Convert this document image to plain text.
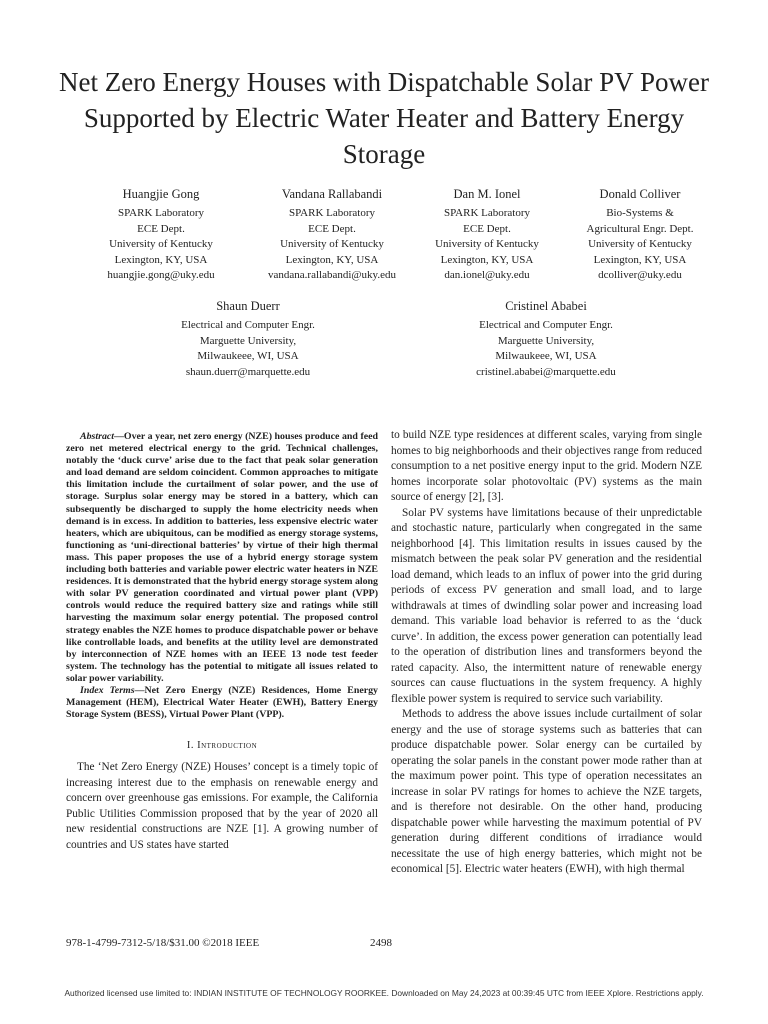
Net Zero Energy Houses with Dispatchable Solar PV Power Supported by Electric Water Heater and Battery Energy Storage
Huangjie Gong
SPARK Laboratory
ECE Dept.
University of Kentucky
Lexington, KY, USA
huangjie.gong@uky.edu
Vandana Rallabandi
SPARK Laboratory
ECE Dept.
University of Kentucky
Lexington, KY, USA
vandana.rallabandi@uky.edu
Dan M. Ionel
SPARK Laboratory
ECE Dept.
University of Kentucky
Lexington, KY, USA
dan.ionel@uky.edu
Donald Colliver
Bio-Systems &
Agricultural Engr. Dept.
University of Kentucky
Lexington, KY, USA
dcolliver@uky.edu
Shaun Duerr
Electrical and Computer Engr.
Marguette University,
Milwaukeee, WI, USA
shaun.duerr@marquette.edu
Cristinel Ababei
Electrical and Computer Engr.
Marguette University,
Milwaukeee, WI, USA
cristinel.ababei@marquette.edu

Abstract—Over a year, net zero energy (NZE) houses produce and feed zero net metered electrical energy to the grid. Technical challenges, notably the ‘duck curve’ arise due to the fact that peak solar generation and load demand are seldom coincident. Common approaches to mitigate this limitation include the curtailment of solar power, and the use of storage. Surplus solar energy may be stored in a battery, which can subsequently be discharged to supply the home electricity needs when demand is in excess. In addition to batteries, less expensive electric water heaters, which are ubiquitous, can be modified as energy storage systems, functioning as ‘uni-directional batteries’ by virtue of their high thermal mass. This paper proposes the use of a hybrid energy storage system including both batteries and variable power electric water heaters in NZE residences. It is demonstrated that the hybrid energy storage system along with solar PV generation coordinated and virtual power plant (VPP) controls would reduce the required battery size and ratings while still harvesting the maximum solar energy potential. The proposed control strategy enables the NZE homes to produce dispatchable power or behave like controllable loads, and benefits at the utility level are demonstrated by interconnection of NZE homes with an IEEE 13 node test feeder system. The technology has the potential to mitigate all issues related to solar power variability.

Index Terms—Net Zero Energy (NZE) Residences, Home Energy Management (HEM), Electrical Water Heater (EWH), Battery Energy Storage System (BESS), Virtual Power Plant (VPP).

I. Introduction

The ‘Net Zero Energy (NZE) Houses’ concept is a timely topic of increasing interest due to the emphasis on renewable energy and concern over greenhouse gas emissions. For example, the California Public Utilities Commission proposed that by the year of 2020 all new residential constructions are NZE [1]. A growing number of countries and US states have started

to build NZE type residences at different scales, varying from single homes to big neighborhoods and their objectives range from reduced consumption to a net positive energy input to the grid. Modern NZE homes incorporate solar photovoltaic (PV) systems as the main source of energy [2], [3].

Solar PV systems have limitations because of their unpredictable and stochastic nature, particularly when congregated in the same neighborhood [4]. This limitation results in issues caused by the mismatch between the peak solar PV generation and the residential load demand, which leads to an influx of power into the grid during periods of excess PV generation and small load, and to large withdrawals at times of dwindling solar power and increasing load demand. This variable load behavior is referred to as the ‘duck curve’. In addition, the excess power generation can potentially lead to the operation of distribution lines and transformers beyond the rated capacity. Also, the intermittent nature of renewable energy sources can cause fluctuations in the system frequency. A highly flexible power system is required to service such variability.

Methods to address the above issues include curtailment of solar energy and the use of storage systems such as batteries that can produce dispatchable power. Solar energy can be curtailed by operating the solar panels in the constant power mode rather than at the maximum power point. This type of operation necessitates an increase in solar PV ratings for homes to achieve the NZE targets, and is therefore not desirable. On the other hand, producing dispatchable power while harvesting the maximum potential of PV generation during different conditions of irradiance would necessitate the use of high energy batteries, which might not be economical [5]. Electric water heaters (EWH), with high thermal

978-1-4799-7312-5/18/$31.00 ©2018 IEEE	2498
Authorized licensed use limited to: INDIAN INSTITUTE OF TECHNOLOGY ROORKEE. Downloaded on May 24,2023 at 00:39:45 UTC from IEEE Xplore. Restrictions apply.
